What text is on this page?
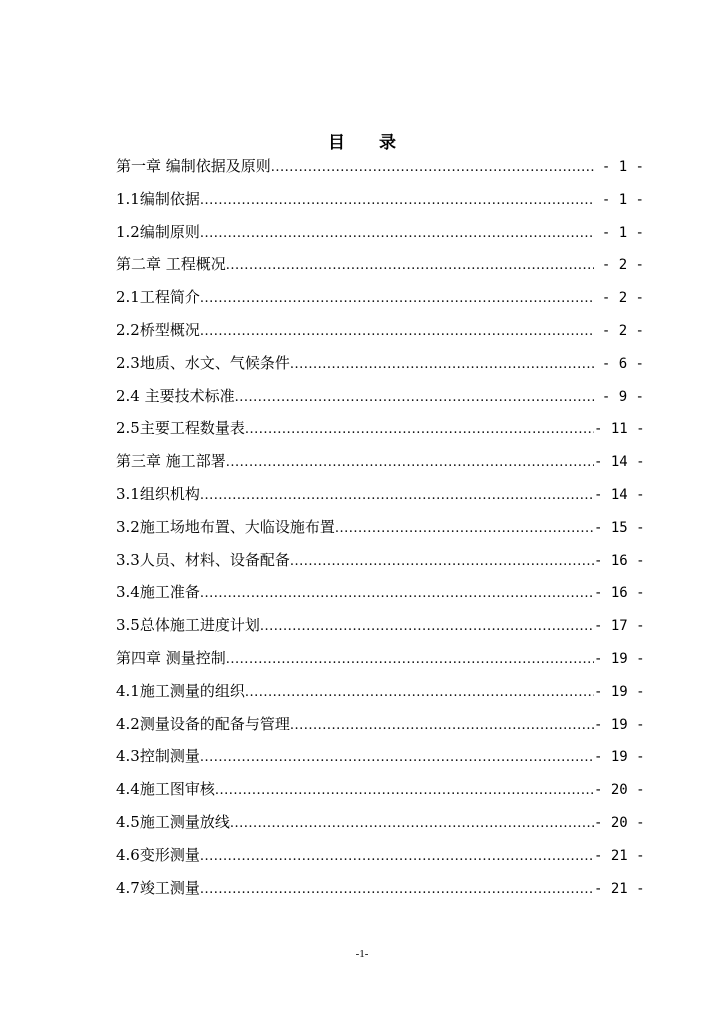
目 录
第一章 编制依据及原则 .....	- 1 -
1.1编制依据 .....	- 1 -
1.2编制原则 .....	- 1 -
第二章 工程概况 .....	- 2 -
2.1工程简介 .....	- 2 -
2.2桥型概况 .....	- 2 -
2.3地质、水文、气候条件 .....	- 6 -
2.4 主要技术标准 .....	- 9 -
2.5主要工程数量表 .....	- 11 -
第三章 施工部署 .....	- 14 -
3.1组织机构 .....	- 14 -
3.2施工场地布置、大临设施布置 .....	- 15 -
3.3人员、材料、设备配备 .....	- 16 -
3.4施工准备 .....	- 16 -
3.5总体施工进度计划 .....	- 17 -
第四章 测量控制 .....	- 19 -
4.1施工测量的组织 .....	- 19 -
4.2测量设备的配备与管理 .....	- 19 -
4.3控制测量 .....	- 19 -
4.4施工图审核 .....	- 20 -
4.5施工测量放线 .....	- 20 -
4.6变形测量 .....	- 21 -
4.7竣工测量 .....	- 21 -
-1-
